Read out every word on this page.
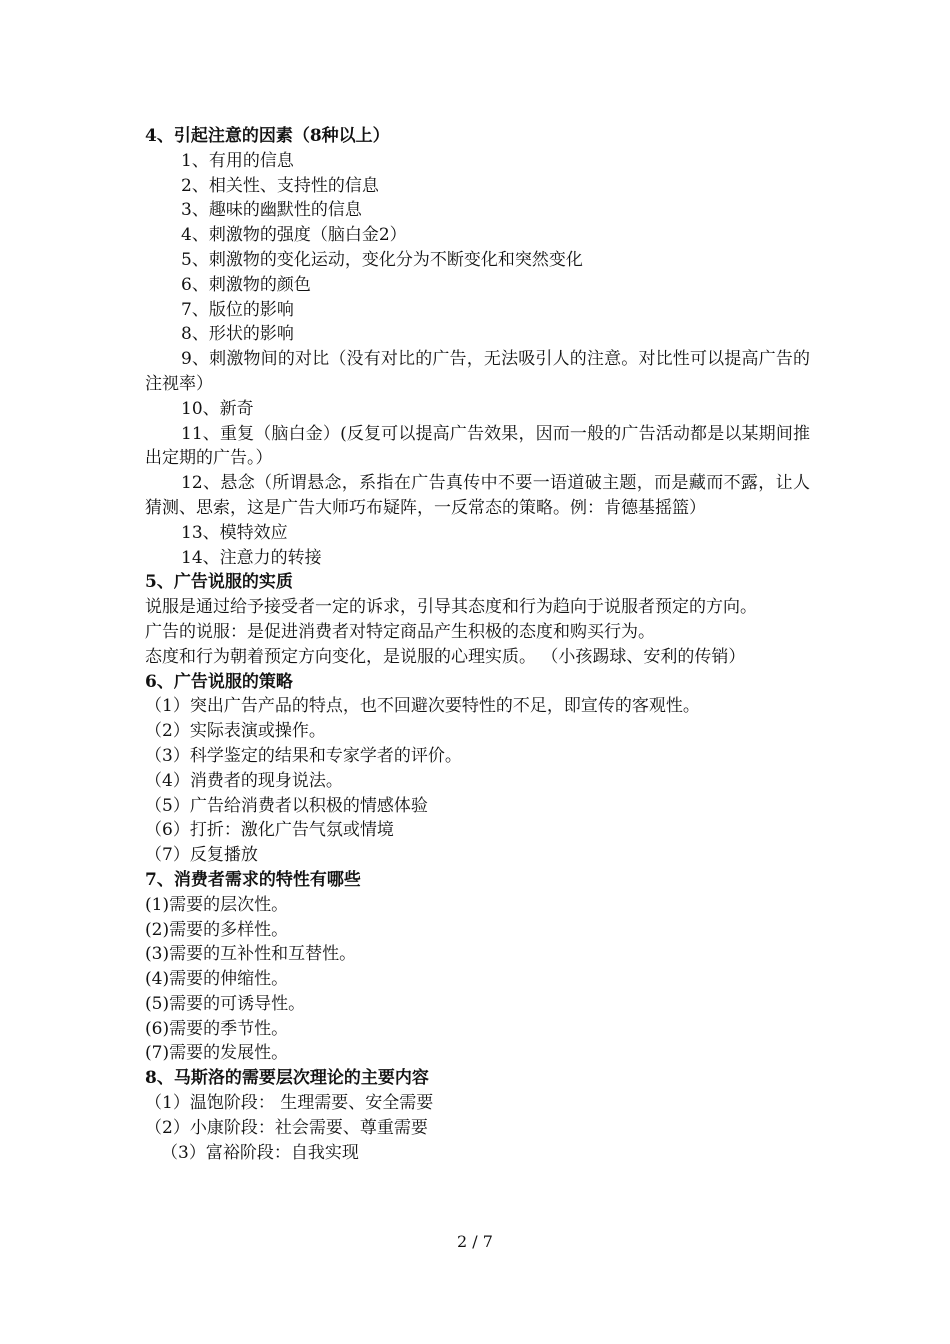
4、引起注意的因素（8种以上）
1、有用的信息
2、相关性、支持性的信息
3、趣味的幽默性的信息
4、刺激物的强度（脑白金2）
5、刺激物的变化运动，变化分为不断变化和突然变化
6、刺激物的颜色
7、版位的影响
8、形状的影响
9、刺激物间的对比（没有对比的广告，无法吸引人的注意。对比性可以提高广告的注视率）
10、新奇
11、重复（脑白金）(反复可以提高广告效果，因而一般的广告活动都是以某期间推出定期的广告。）
12、悬念（所谓悬念，系指在广告真传中不要一语道破主题，而是藏而不露，让人猜测、思索，这是广告大师巧布疑阵，一反常态的策略。例：肯德基摇篮）
13、模特效应
14、注意力的转接
5、广告说服的实质
说服是通过给予接受者一定的诉求，引导其态度和行为趋向于说服者预定的方向。
广告的说服：是促进消费者对特定商品产生积极的态度和购买行为。
态度和行为朝着预定方向变化，是说服的心理实质。 （小孩踢球、安利的传销）
6、广告说服的策略
（1）突出广告产品的特点，也不回避次要特性的不足，即宣传的客观性。
（2）实际表演或操作。
（3）科学鉴定的结果和专家学者的评价。
（4）消费者的现身说法。
（5）广告给消费者以积极的情感体验
（6）打折：激化广告气氛或情境
（7）反复播放
7、消费者需求的特性有哪些
(1)需要的层次性。
(2)需要的多样性。
(3)需要的互补性和互替性。
(4)需要的伸缩性。
(5)需要的可诱导性。
(6)需要的季节性。
(7)需要的发展性。
8、马斯洛的需要层次理论的主要内容
（1）温饱阶段： 生理需要、安全需要
（2）小康阶段：社会需要、尊重需要
（3）富裕阶段：自我实现
2 / 7
